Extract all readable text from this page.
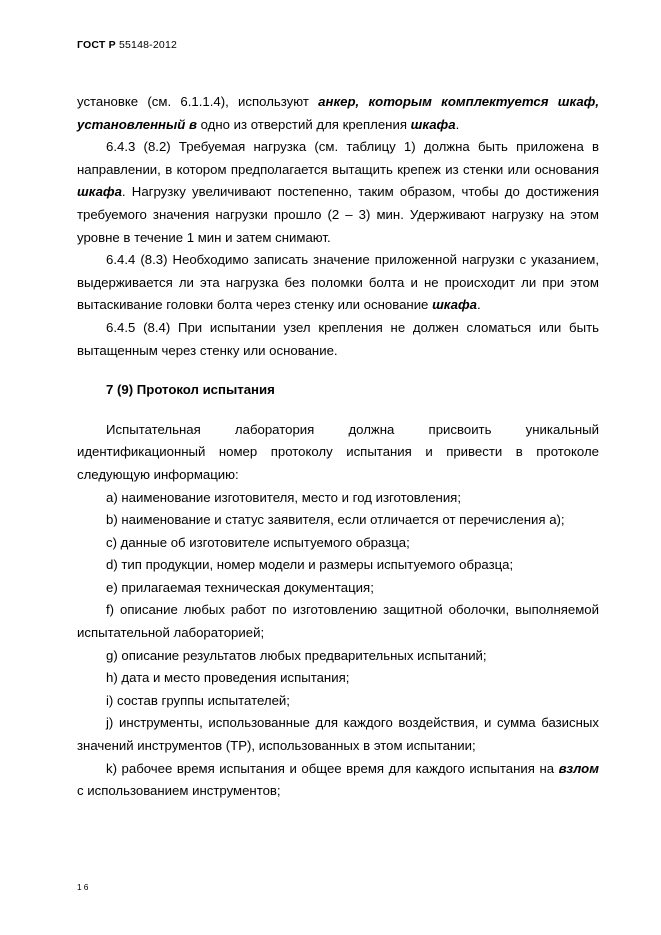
ГОСТ Р 55148-2012

установке (см. 6.1.1.4), используют анкер, которым комплектуется шкаф, установленный в одно из отверстий для крепления шкафа.

6.4.3 (8.2) Требуемая нагрузка (см. таблицу 1) должна быть приложена в направлении, в котором предполагается вытащить крепеж из стенки или основания шкафа. Нагрузку увеличивают постепенно, таким образом, чтобы до достижения требуемого значения нагрузки прошло (2 – 3) мин. Удерживают нагрузку на этом уровне в течение 1 мин и затем снимают.

6.4.4 (8.3) Необходимо записать значение приложенной нагрузки с указанием, выдерживается ли эта нагрузка без поломки болта и не происходит ли при этом вытаскивание головки болта через стенку или основание шкафа.

6.4.5 (8.4) При испытании узел крепления не должен сломаться или быть вытащенным через стенку или основание.

7 (9) Протокол испытания

Испытательная лаборатория должна присвоить уникальный идентификационный номер протоколу испытания и привести в протоколе следующую информацию:

a) наименование изготовителя, место и год изготовления;

b) наименование и статус заявителя, если отличается от перечисления a);

c) данные об изготовителе испытуемого образца;

d) тип продукции, номер модели и размеры испытуемого образца;

e) прилагаемая техническая документация;

f) описание любых работ по изготовлению защитной оболочки, выполняемой испытательной лабораторией;

g) описание результатов любых предварительных испытаний;

h) дата и место проведения испытания;

i) состав группы испытателей;

j) инструменты, использованные для каждого воздействия, и сумма базисных значений инструментов (TP), использованных в этом испытании;

k) рабочее время испытания и общее время для каждого испытания на взлом с использованием инструментов;

16
